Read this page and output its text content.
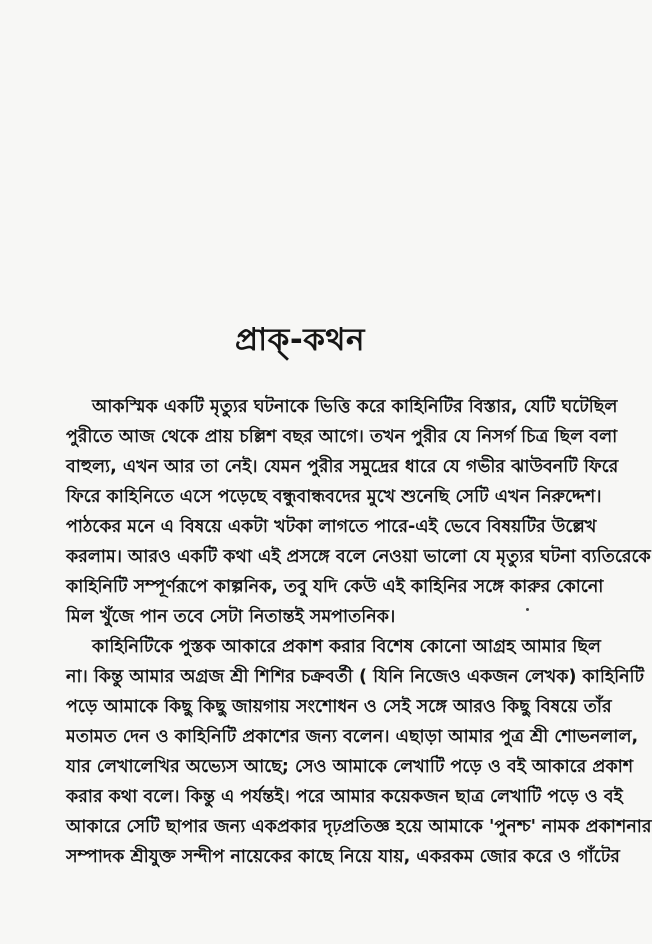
প্রাক্-কথন

আকস্মিক একটি মৃত্যুর ঘটনাকে ভিত্তি করে কাহিনিটির বিস্তার, যেটি ঘটেছিল
পুরীতে আজ থেকে প্রায় চল্লিশ বছর আগে। তখন পুরীর যে নিসর্গ চিত্র ছিল বলা
বাহুল্য, এখন আর তা নেই। যেমন পুরীর সমুদ্রের ধারে যে গভীর ঝাউবনটি ফিরে
ফিরে কাহিনিতে এসে পড়েছে বন্ধুবান্ধবদের মুখে শুনেছি সেটি এখন নিরুদ্দেশ।
পাঠকের মনে এ বিষয়ে একটা খটকা লাগতে পারে-এই ভেবে বিষয়টির উল্লেখ
করলাম। আরও একটি কথা এই প্রসঙ্গে বলে নেওয়া ভালো যে মৃত্যুর ঘটনা ব্যতিরেকে
কাহিনিটি সম্পূর্ণরূপে কাল্পনিক, তবু যদি কেউ এই কাহিনির সঙ্গে কারুর কোনো
মিল খুঁজে পান তবে সেটা নিতান্তই সমপাতনিক।

কাহিনিটিকে পুস্তক আকারে প্রকাশ করার বিশেষ কোনো আগ্রহ আমার ছিল
না। কিন্তু আমার অগ্রজ শ্রী শিশির চক্রবর্তী ( যিনি নিজেও একজন লেখক) কাহিনিটি
পড়ে আমাকে কিছু কিছু জায়গায় সংশোধন ও সেই সঙ্গে আরও কিছু বিষয়ে তাঁর
মতামত দেন ও কাহিনিটি প্রকাশের জন্য বলেন। এছাড়া আমার পুত্র শ্রী শোভনলাল,
যার লেখালেখির অভ্যেস আছে; সেও আমাকে লেখাটি পড়ে ও বই আকারে প্রকাশ
করার কথা বলে। কিন্তু এ পর্যন্তই। পরে আমার কয়েকজন ছাত্র লেখাটি পড়ে ও বই
আকারে সেটি ছাপার জন্য একপ্রকার দৃঢ়প্রতিজ্ঞ হয়ে আমাকে 'পুনশ্চ' নামক প্রকাশনার
সম্পাদক শ্রীযুক্ত সন্দীপ নায়েকের কাছে নিয়ে যায়, একরকম জোর করে ও গাঁটের
